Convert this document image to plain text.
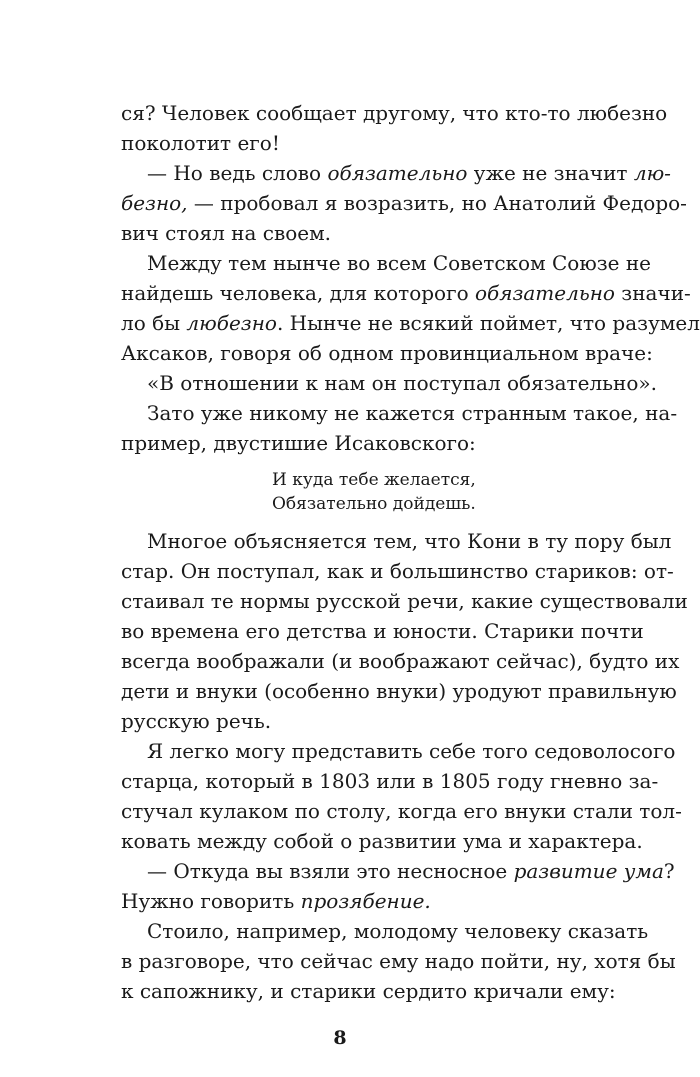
ся? Человек сообщает другому, что кто-то любезно
поколотит его!
— Но ведь слово обязательно уже не значит лю-
безно, — пробовал я возразить, но Анатолий Федоро-
вич стоял на своем.
Между тем нынче во всем Советском Союзе не
найдешь человека, для которого обязательно значи-
ло бы любезно. Нынче не всякий поймет, что разумел
Аксаков, говоря об одном провинциальном враче:
«В отношении к нам он поступал обязательно».
Зато уже никому не кажется странным такое, на-
пример, двустишие Исаковского:
И куда тебе желается,
Обязательно дойдешь.
Многое объясняется тем, что Кони в ту пору был
стар. Он поступал, как и большинство стариков: от-
стаивал те нормы русской речи, какие существовали
во времена его детства и юности. Старики почти
всегда воображали (и воображают сейчас), будто их
дети и внуки (особенно внуки) уродуют правильную
русскую речь.
Я легко могу представить себе того седоволосого
старца, который в 1803 или в 1805 году гневно за-
стучал кулаком по столу, когда его внуки стали тол-
ковать между собой о развитии ума и характера.
— Откуда вы взяли это несносное развитие ума?
Нужно говорить прозябение.
Стоило, например, молодому человеку сказать
в разговоре, что сейчас ему надо пойти, ну, хотя бы
к сапожнику, и старики сердито кричали ему:
8
